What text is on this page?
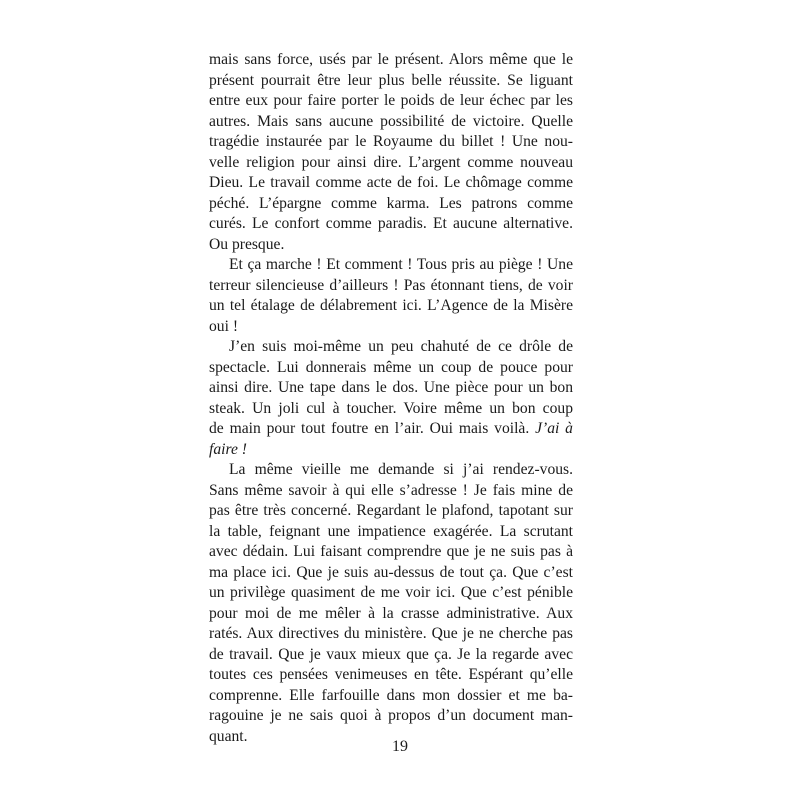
mais sans force, usés par le présent. Alors même que le
présent pourrait être leur plus belle réussite. Se liguant
entre eux pour faire porter le poids de leur échec par les
autres. Mais sans aucune possibilité de victoire. Quelle
tragédie instaurée par le Royaume du billet ! Une nou-
velle religion pour ainsi dire. L’argent comme nouveau
Dieu. Le travail comme acte de foi. Le chômage comme
péché. L’épargne comme karma. Les patrons comme
curés. Le confort comme paradis. Et aucune alternative.
Ou presque.

Et ça marche ! Et comment ! Tous pris au piège ! Une
terreur silencieuse d’ailleurs ! Pas étonnant tiens, de voir
un tel étalage de délabrement ici. L’Agence de la Misère
oui !

J’en suis moi-même un peu chahuté de ce drôle de
spectacle. Lui donnerais même un coup de pouce pour
ainsi dire. Une tape dans le dos. Une pièce pour un bon
steak. Un joli cul à toucher. Voire même un bon coup
de main pour tout foutre en l’air. Oui mais voilà. J’ai à
faire !

La même vieille me demande si j’ai rendez-vous.
Sans même savoir à qui elle s’adresse ! Je fais mine de
pas être très concerné. Regardant le plafond, tapotant sur
la table, feignant une impatience exagérée. La scrutant
avec dédain. Lui faisant comprendre que je ne suis pas à
ma place ici. Que je suis au-dessus de tout ça. Que c’est
un privilège quasiment de me voir ici. Que c’est pénible
pour moi de me mêler à la crasse administrative. Aux
ratés. Aux directives du ministère. Que je ne cherche pas
de travail. Que je vaux mieux que ça. Je la regarde avec
toutes ces pensées venimeuses en tête. Espérant qu’elle
comprenne. Elle farfouille dans mon dossier et me ba-
ragouine je ne sais quoi à propos d’un document man-
quant.

19
